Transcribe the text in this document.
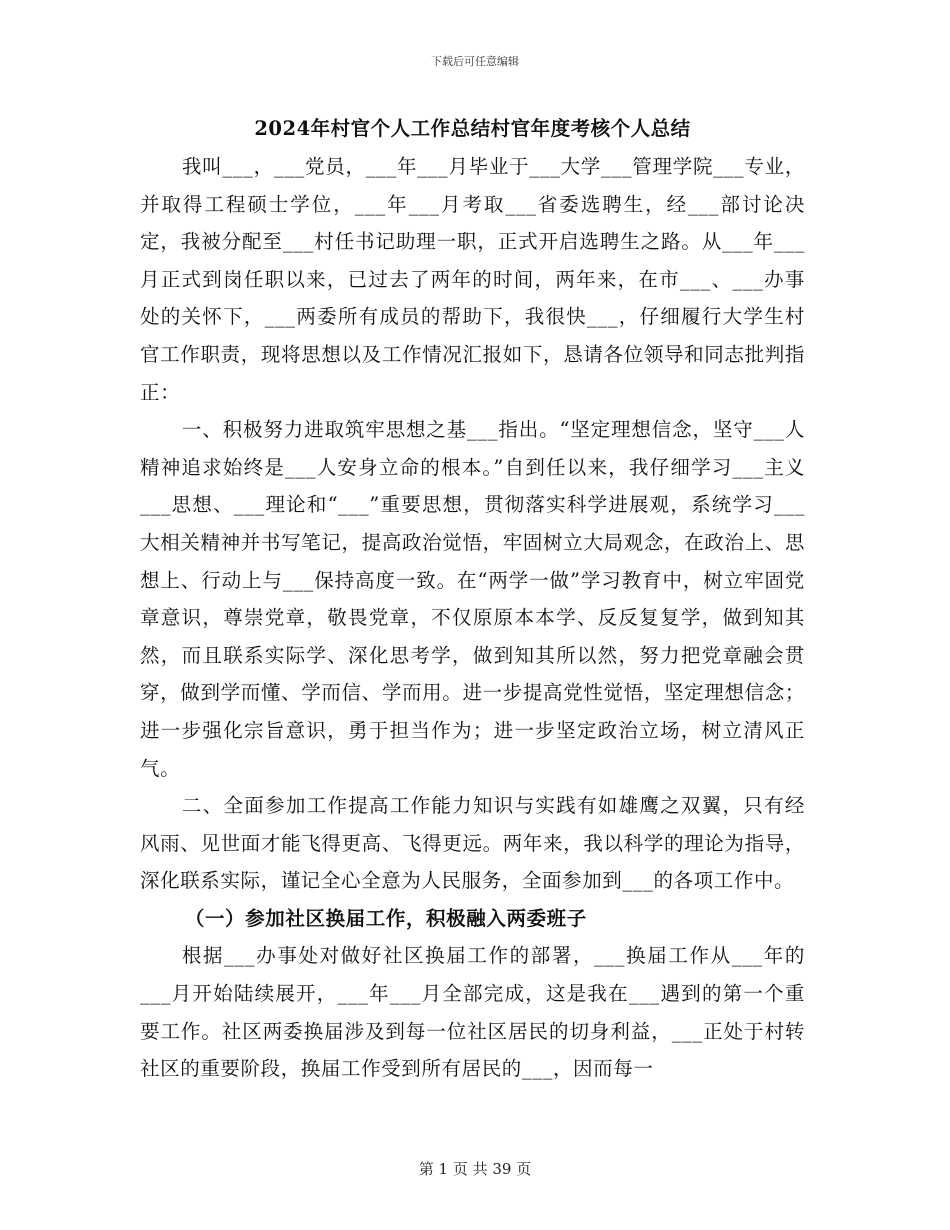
下载后可任意编辑
2024年村官个人工作总结村官年度考核个人总结

我叫___，___党员，___年___月毕业于___大学___管理学院___专业，并取得工程硕士学位，___年___月考取___省委选聘生，经___部讨论决定，我被分配至___村任书记助理一职，正式开启选聘生之路。从___年___月正式到岗任职以来，已过去了两年的时间，两年来，在市___、___办事处的关怀下，___两委所有成员的帮助下，我很快___，仔细履行大学生村官工作职责，现将思想以及工作情况汇报如下，恳请各位领导和同志批判指正：

一、积极努力进取筑牢思想之基___指出。“坚定理想信念，坚守___人精神追求始终是___人安身立命的根本。”自到任以来，我仔细学习___主义___思想、___理论和“___”重要思想，贯彻落实科学进展观，系统学习___大相关精神并书写笔记，提高政治觉悟，牢固树立大局观念，在政治上、思想上、行动上与___保持高度一致。在“两学一做”学习教育中，树立牢固党章意识，尊崇党章，敬畏党章，不仅原原本本学、反反复复学，做到知其然，而且联系实际学、深化思考学，做到知其所以然，努力把党章融会贯穿，做到学而懂、学而信、学而用。进一步提高党性觉悟，坚定理想信念；进一步强化宗旨意识，勇于担当作为；进一步坚定政治立场，树立清风正气。

二、全面参加工作提高工作能力知识与实践有如雄鹰之双翼，只有经风雨、见世面才能飞得更高、飞得更远。两年来，我以科学的理论为指导，深化联系实际，谨记全心全意为人民服务，全面参加到___的各项工作中。

（一）参加社区换届工作，积极融入两委班子

根据___办事处对做好社区换届工作的部署，___换届工作从___年的___月开始陆续展开，___年___月全部完成，这是我在___遇到的第一个重要工作。社区两委换届涉及到每一位社区居民的切身利益，___正处于村转社区的重要阶段，换届工作受到所有居民的___，因而每一

第 1 页 共 39 页
